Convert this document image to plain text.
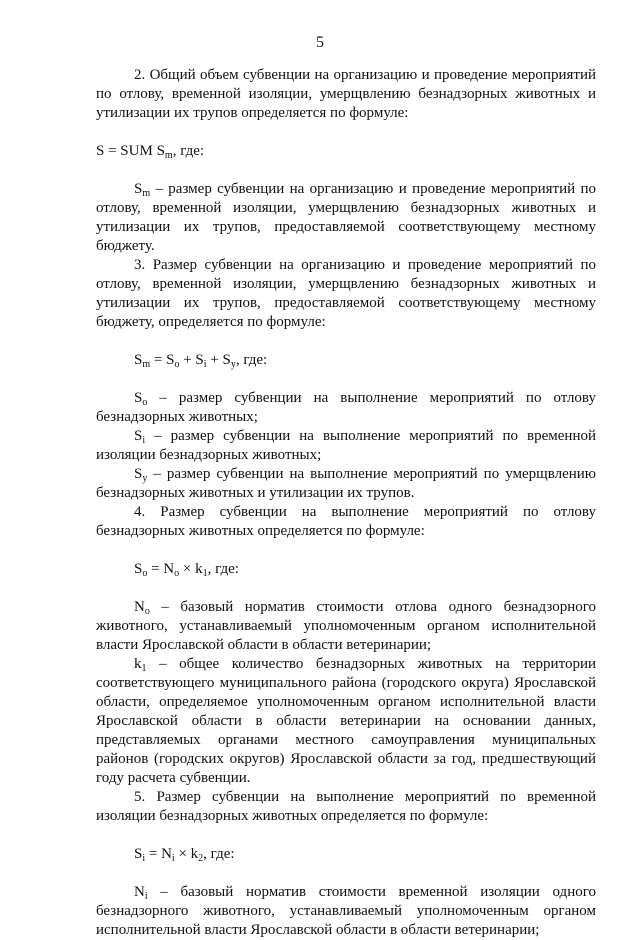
5

2. Общий объем субвенции на организацию и проведение мероприятий по отлову, временной изоляции, умерщвлению безнадзорных животных и утилизации их трупов определяется по формуле:

S = SUM $S_m$, где:

$S_m$ – размер субвенции на организацию и проведение мероприятий по отлову, временной изоляции, умерщвлению безнадзорных животных и утилизации их трупов, предоставляемой соответствующему местному бюджету.

3. Размер субвенции на организацию и проведение мероприятий по отлову, временной изоляции, умерщвлению безнадзорных животных и утилизации их трупов, предоставляемой соответствующему местному бюджету, определяется по формуле:

$S_m = S_o + S_i + S_y$, где:

$S_o$ – размер субвенции на выполнение мероприятий по отлову безнадзорных животных;

$S_i$ – размер субвенции на выполнение мероприятий по временной изоляции безнадзорных животных;

$S_y$ – размер субвенции на выполнение мероприятий по умерщвлению безнадзорных животных и утилизации их трупов.

4. Размер субвенции на выполнение мероприятий по отлову безнадзорных животных определяется по формуле:

$S_o = N_o \times k_1$, где:

$N_o$ – базовый норматив стоимости отлова одного безнадзорного животного, устанавливаемый уполномоченным органом исполнительной власти Ярославской области в области ветеринарии;

$k_1$ – общее количество безнадзорных животных на территории соответствующего муниципального района (городского округа) Ярославской области, определяемое уполномоченным органом исполнительной власти Ярославской области в области ветеринарии на основании данных, представляемых органами местного самоуправления муниципальных районов (городских округов) Ярославской области за год, предшествующий году расчета субвенции.

5. Размер субвенции на выполнение мероприятий по временной изоляции безнадзорных животных определяется по формуле:

$S_i = N_i \times k_2$, где:

$N_i$ – базовый норматив стоимости временной изоляции одного безнадзорного животного, устанавливаемый уполномоченным органом исполнительной власти Ярославской области в области ветеринарии;
